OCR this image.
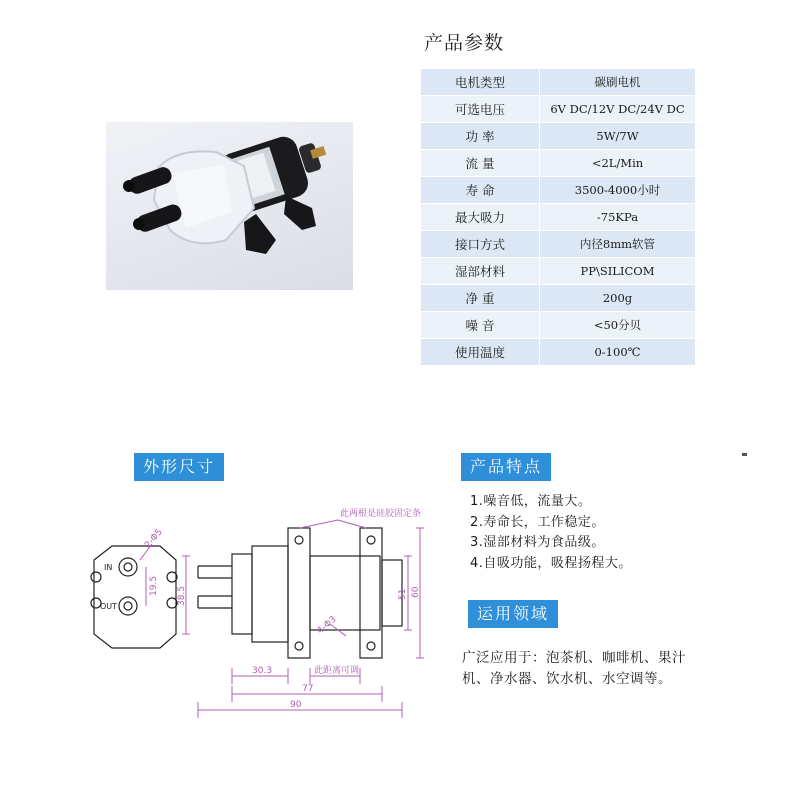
产品参数
电机类型	碳刷电机
可选电压	6V DC/12V DC/24V DC
功 率	5W/7W
流 量	<2L/Min
寿 命	3500-4000小时
最大吸力	-75KPa
接口方式	内径8mm软管
湿部材料	PP\SILICOM
净 重	200g
噪 音	<50分贝
使用温度	0-100℃
外形尺寸	产品特点
运用领域
1.噪音低，流量大。
2.寿命长，工作稳定。
3.湿部材料为食品级。
4.自吸功能，吸程扬程大。
广泛应用于：泡茶机、咖啡机、果汁
机、净水器、饮水机、水空调等。
IN
OUT
2-Φ5
19.5 38.5	51 60
4-Φ3
30.3
77
90
此两根是硅胶固定条
此距离可调
